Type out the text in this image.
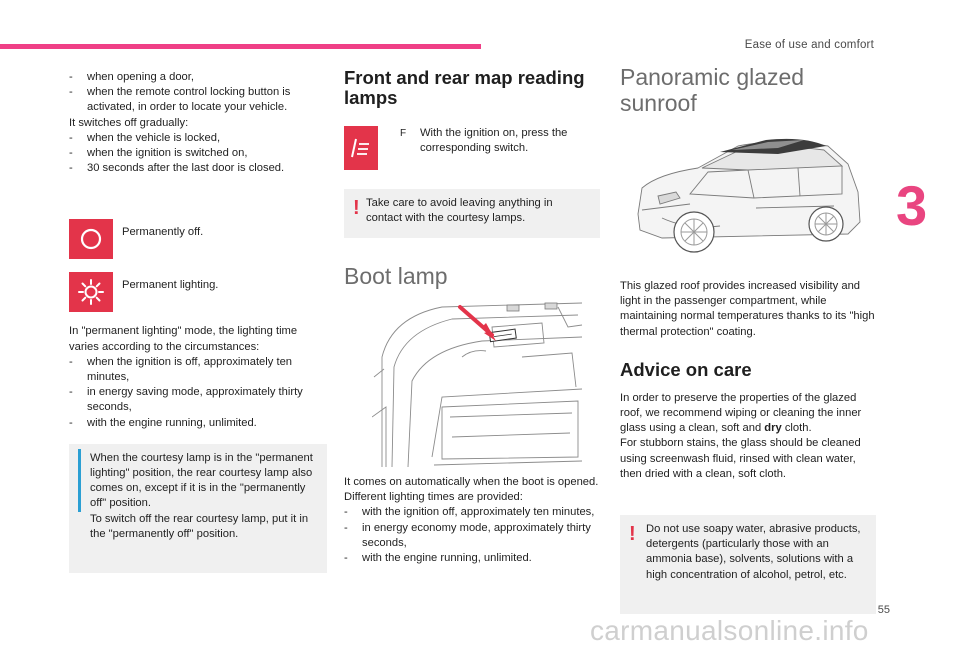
Ease of use and comfort
3
- when opening a door,
- when the remote control locking button is activated, in order to locate your vehicle.
It switches off gradually:
- when the vehicle is locked,
- when the ignition is switched on,
- 30 seconds after the last door is closed.
Permanently off.
Permanent lighting.

In "permanent lighting" mode, the lighting time varies according to the circumstances:

- when the ignition is off, approximately ten minutes,
- in energy saving mode, approximately thirty seconds,
- with the engine running, unlimited.

When the courtesy lamp is in the "permanent lighting" position, the rear courtesy lamp also comes on, except if it is in the "permanently off" position.

To switch off the rear courtesy lamp, put it in the "permanently off" position.

Front and rear map reading lamps
F With the ignition on, press the corresponding switch.

! Take care to avoid leaving anything in contact with the courtesy lamps.

Boot lamp

It comes on automatically when the boot is opened.

Different lighting times are provided:

- with the ignition off, approximately ten minutes,
- in energy economy mode, approximately thirty seconds,
- with the engine running, unlimited.
Panoramic glazed sunroof

This glazed roof provides increased visibility and light in the passenger compartment, while maintaining normal temperatures thanks to its "high thermal protection" coating.

Advice on care

In order to preserve the properties of the glazed roof, we recommend wiping or cleaning the inner glass using a clean, soft and dry cloth.

For stubborn stains, the glass should be cleaned using screenwash fluid, rinsed with clean water, then dried with a clean, soft cloth.

! Do not use soapy water, abrasive products, detergents (particularly those with an ammonia base), solvents, solutions with a high concentration of alcohol, petrol, etc.

55
carmanualsonline.info
